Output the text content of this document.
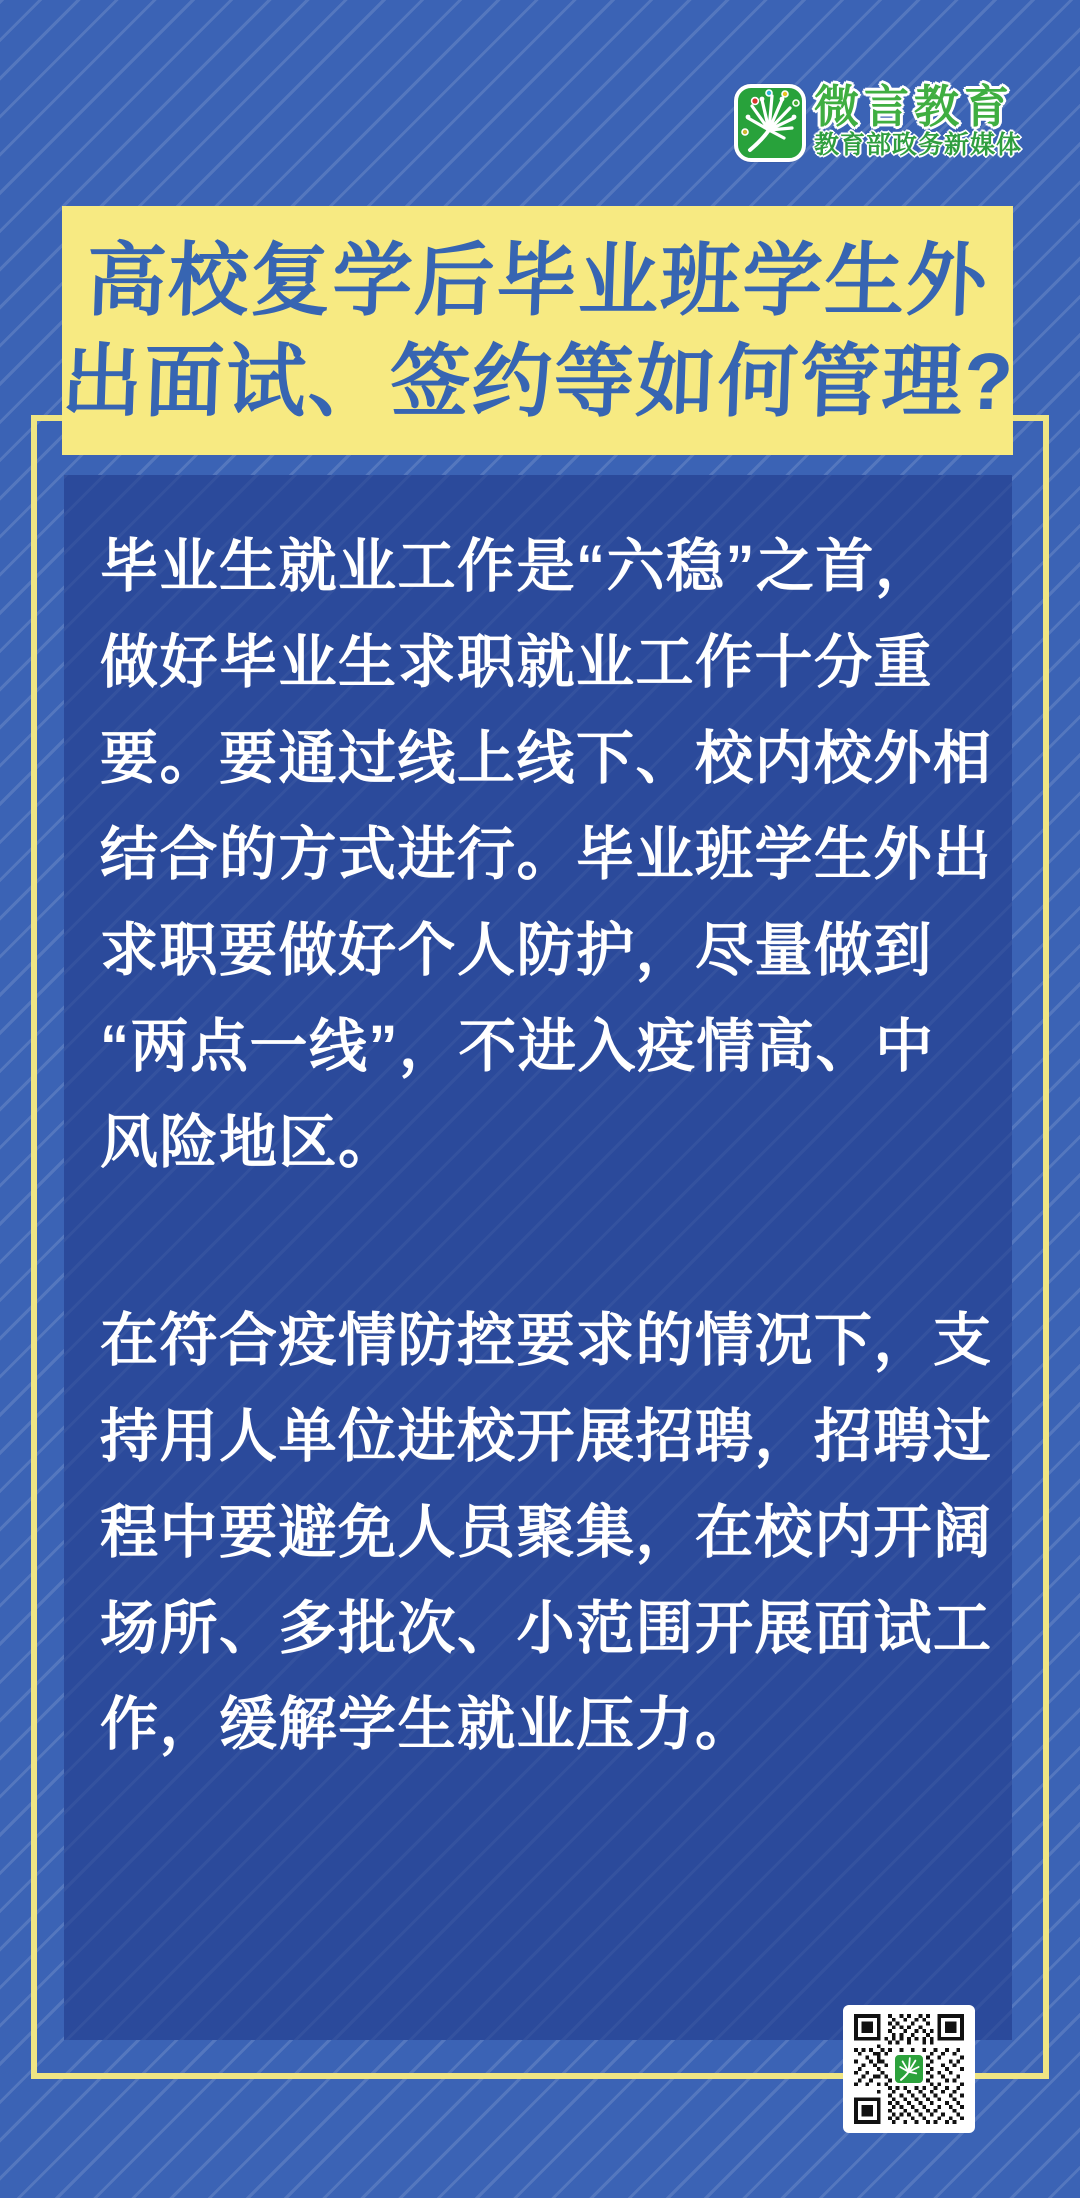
微言教育
教育部政务新媒体
高校复学后毕业班学生外
出面试、签约等如何管理?

毕业生就业工作是“六稳”之首，
做好毕业生求职就业工作十分重
要。要通过线上线下、校内校外相
结合的方式进行。毕业班学生外出
求职要做好个人防护，尽量做到
“两点一线”，不进入疫情高、中
风险地区。

在符合疫情防控要求的情况下，支
持用人单位进校开展招聘，招聘过
程中要避免人员聚集，在校内开阔
场所、多批次、小范围开展面试工
作，缓解学生就业压力。
